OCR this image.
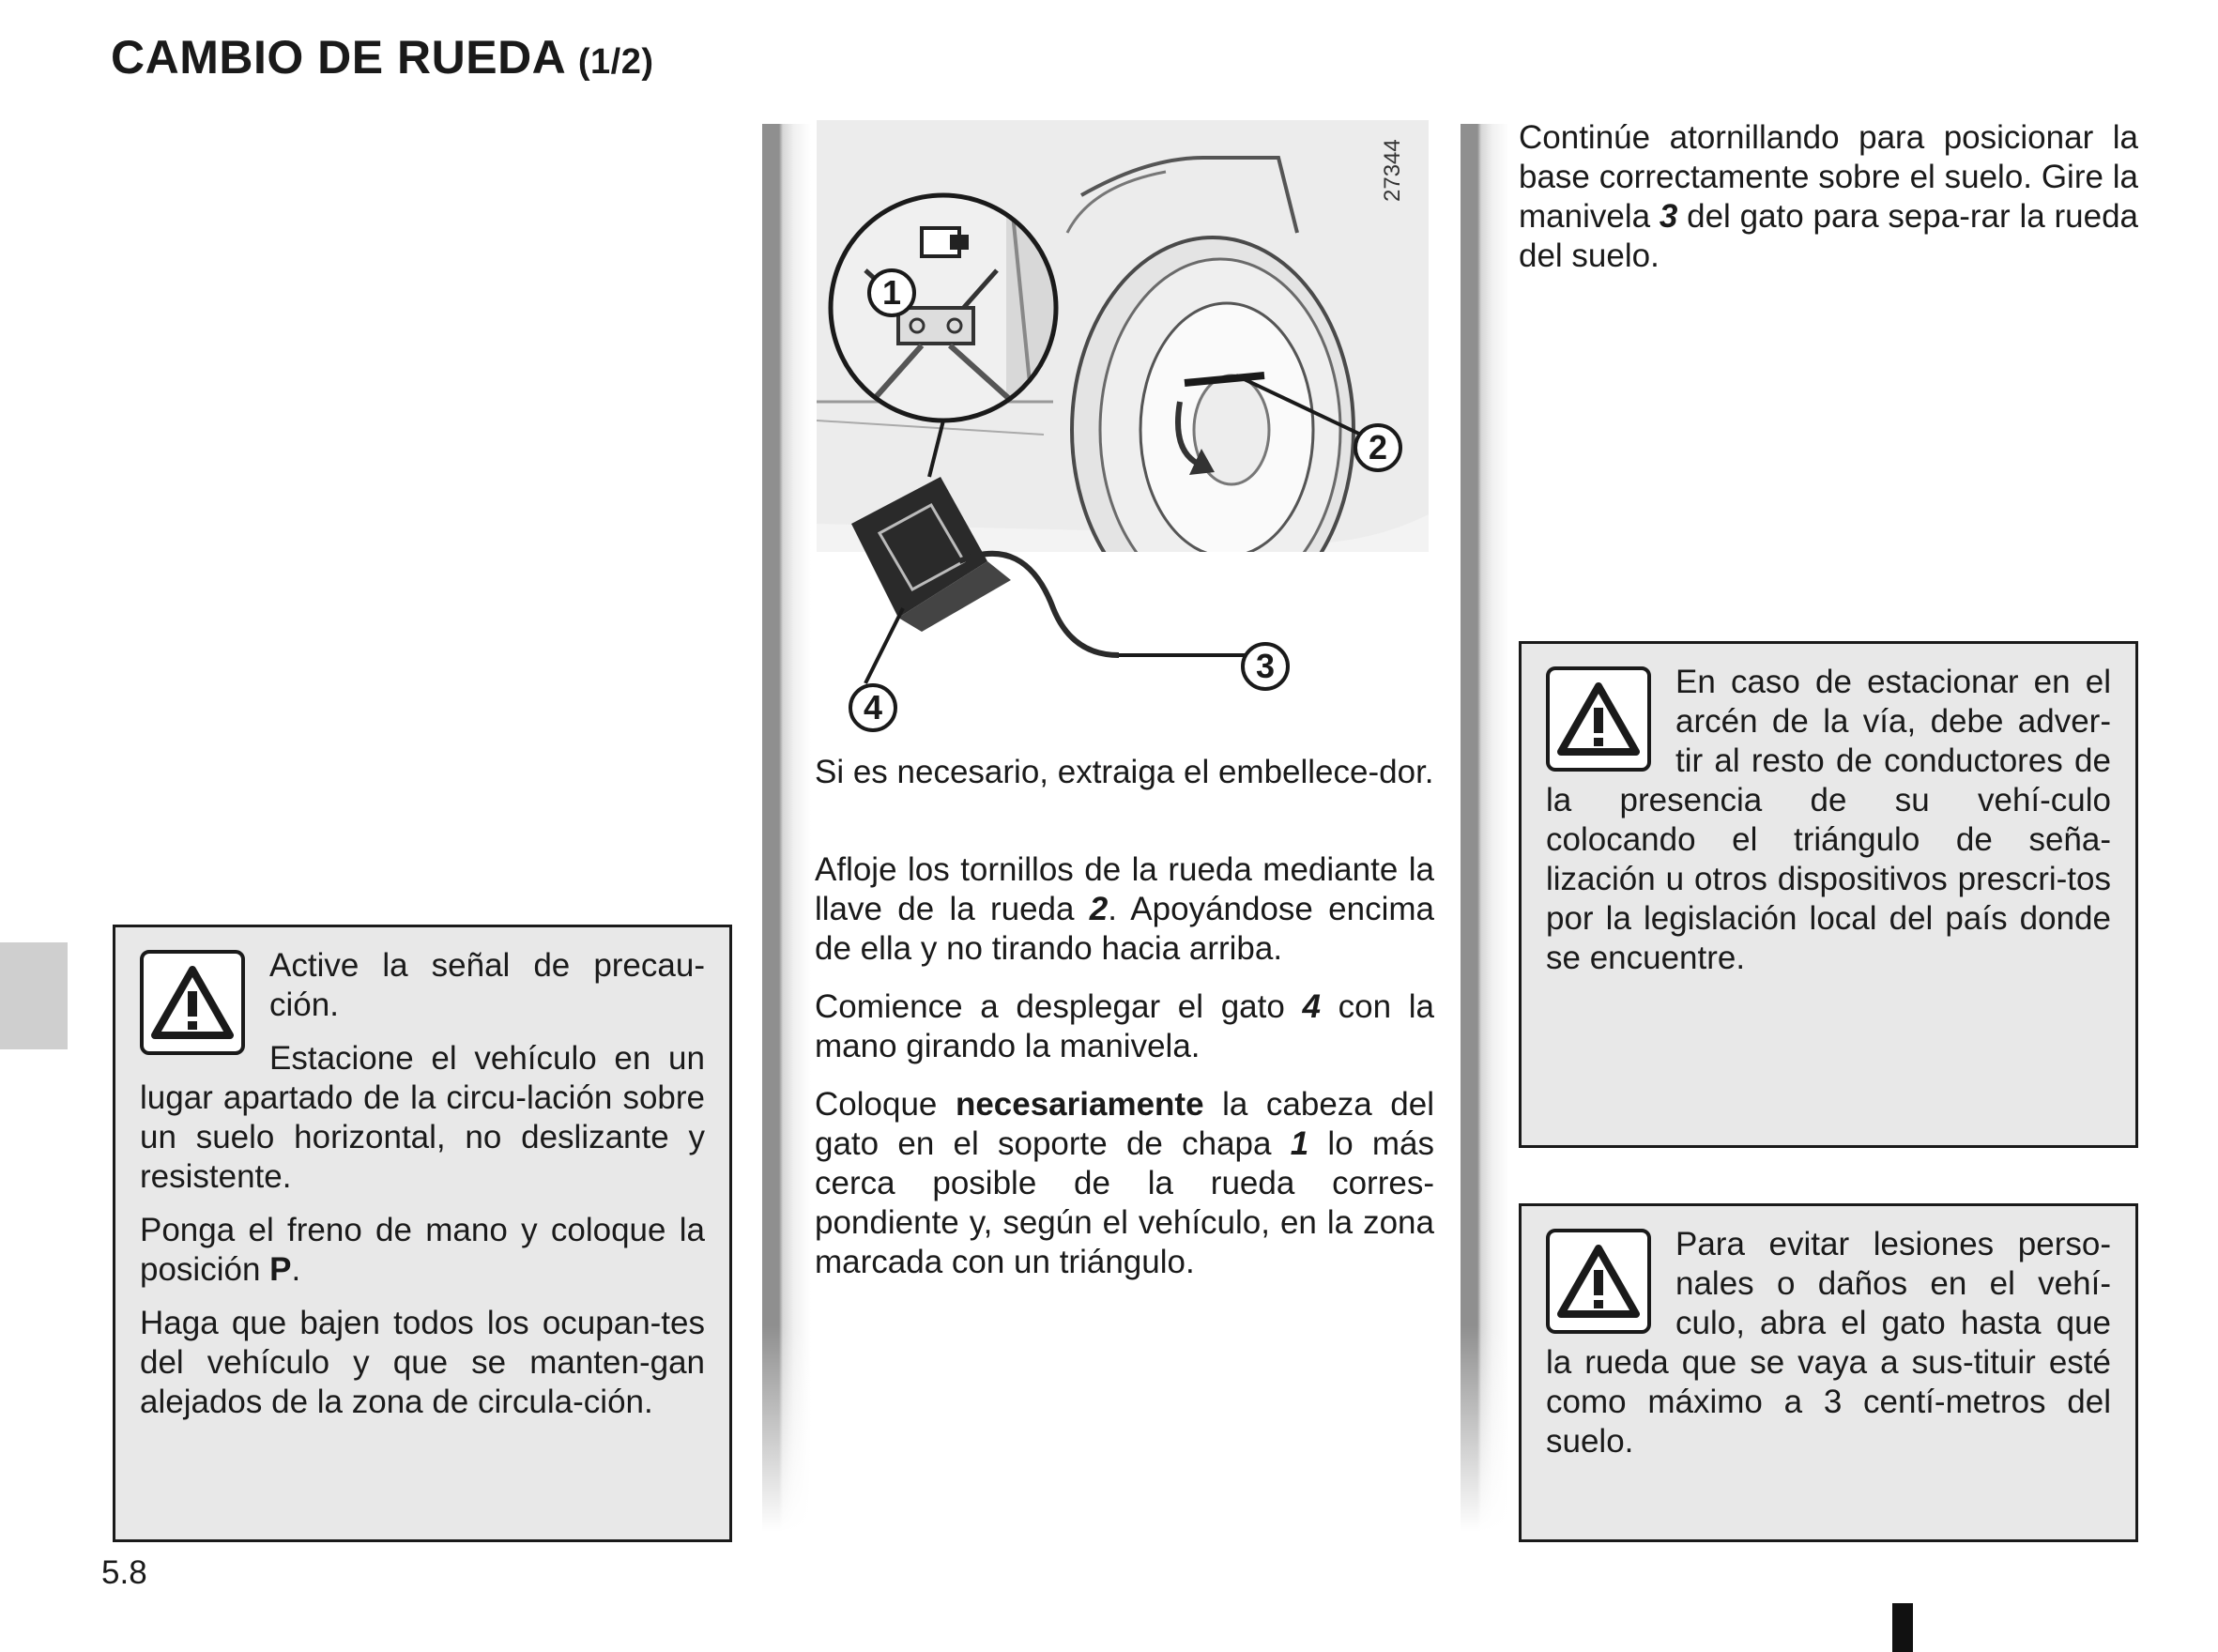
CAMBIO DE RUEDA (1/2)

Active la señal de precau-ción.

Estacione el vehículo en un lugar apartado de la circu-lación sobre un suelo horizontal, no deslizante y resistente.

Ponga el freno de mano y coloque la posición P.

Haga que bajen todos los ocupan-tes del vehículo y que se manten-gan alejados de la zona de circula-ción.

1
2
3
4
27344

Si es necesario, extraiga el embellece-dor.

Afloje los tornillos de la rueda mediante la llave de la rueda 2. Apoyándose encima de ella y no tirando hacia arriba.

Comience a desplegar el gato 4 con la mano girando la manivela.

Coloque necesariamente la cabeza del gato en el soporte de chapa 1 lo más cerca posible de la rueda corres-pondiente y, según el vehículo, en la zona marcada con un triángulo.

Continúe atornillando para posicionar la base correctamente sobre el suelo. Gire la manivela 3 del gato para sepa-rar la rueda del suelo.

En caso de estacionar en el arcén de la vía, debe adver-tir al resto de conductores de la presencia de su vehí-culo colocando el triángulo de seña-lización u otros dispositivos prescri-tos por la legislación local del país donde se encuentre.

Para evitar lesiones perso-nales o daños en el vehí-culo, abra el gato hasta que la rueda que se vaya a sus-tituir esté como máximo a 3 centí-metros del suelo.

5.8
